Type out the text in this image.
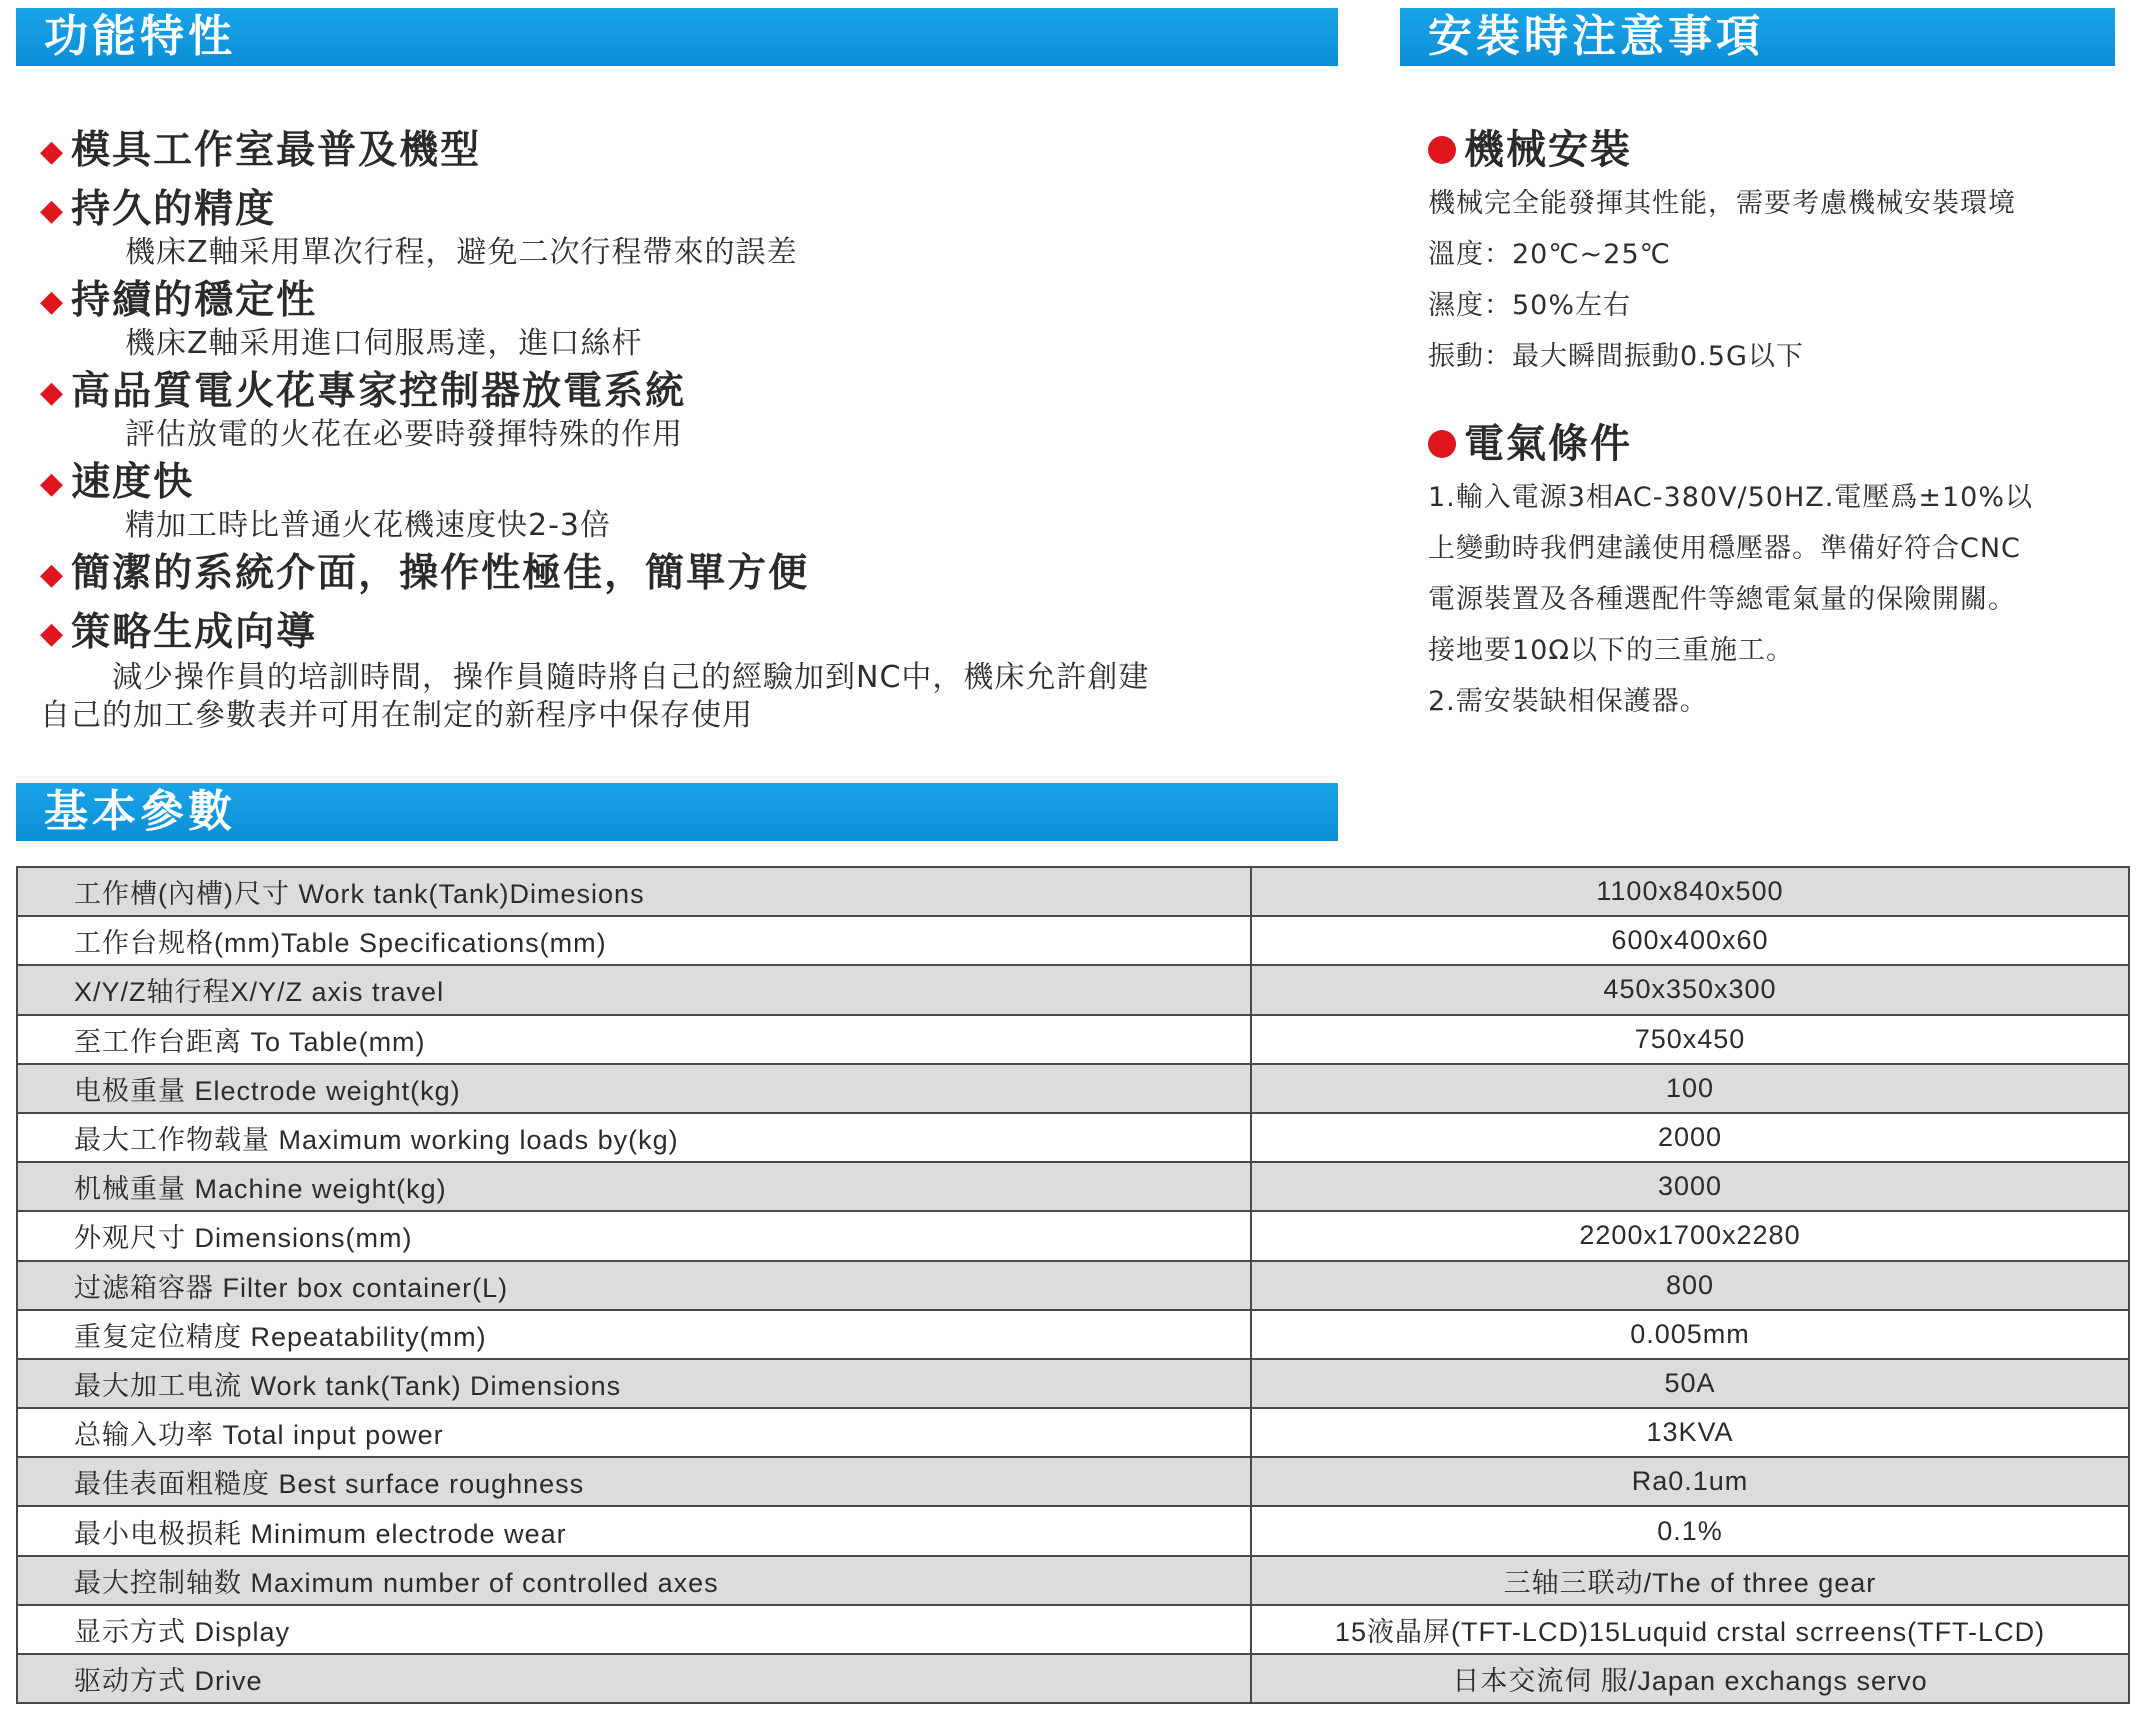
功能特性	安裝時注意事項
◆ 模具工作室最普及機型
◆ 持久的精度
機床Z軸采用單次行程，避免二次行程帶來的誤差
◆ 持續的穩定性
機床Z軸采用進口伺服馬達，進口絲杆
◆ 高品質電火花專家控制器放電系統
評估放電的火花在必要時發揮特殊的作用
◆ 速度快
精加工時比普通火花機速度快2-3倍
◆ 簡潔的系統介面，操作性極佳，簡單方便
◆ 策略生成向導
減少操作員的培訓時間，操作員隨時將自己的經驗加到NC中，機床允許創建自己的加工參數表并可用在制定的新程序中保存使用
機械安裝
機械完全能發揮其性能，需要考慮機械安裝環境
溫度：20℃~25℃
濕度：50%左右
振動：最大瞬間振動0.5G以下
電氣條件
1.輸入電源3相AC-380V/50HZ.電壓爲±10%以
上變動時我們建議使用穩壓器。準備好符合CNC
電源裝置及各種選配件等總電氣量的保險開關。
接地要10Ω以下的三重施工。
2.需安裝缺相保護器。
基本參數
工作槽(內槽)尺寸 Work tank(Tank)Dimesions	1100x840x500
工作台规格(mm)Table Specifications(mm)	600x400x60
X/Y/Z轴行程X/Y/Z axis travel	450x350x300
至工作台距离 To Table(mm)	750x450
电极重量 Electrode weight(kg)	100
最大工作物载量 Maximum working loads by(kg)	2000
机械重量 Machine weight(kg)	3000
外观尺寸 Dimensions(mm)	2200x1700x2280
过滤箱容器 Filter box container(L)	800
重复定位精度 Repeatability(mm)	0.005mm
最大加工电流 Work tank(Tank) Dimensions	50A
总输入功率 Total input power	13KVA
最佳表面粗糙度 Best surface roughness	Ra0.1um
最小电极损耗 Minimum electrode wear	0.1%
最大控制轴数 Maximum number of controlled axes	三轴三联动/The of three gear
显示方式 Display	15液晶屏(TFT-LCD)15Luquid crstal scrreens(TFT-LCD)
驱动方式 Drive	日本交流伺 服/Japan exchangs servo
